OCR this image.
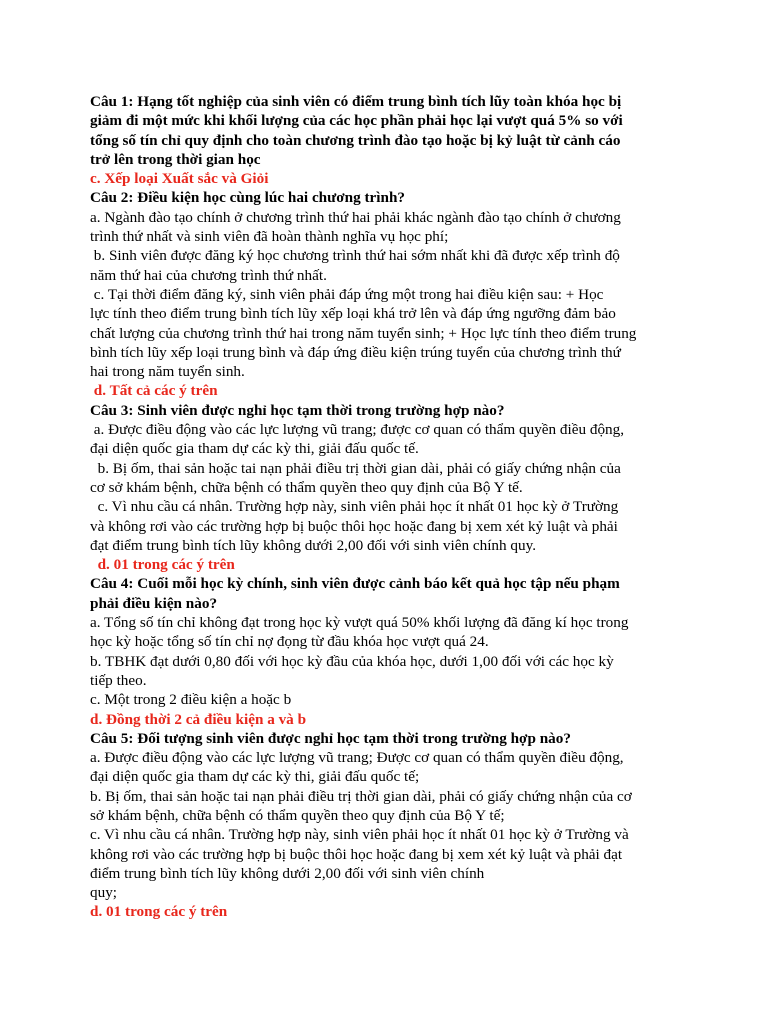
Câu 1: Hạng tốt nghiệp của sinh viên có điểm trung bình tích lũy toàn khóa học bị
giảm đi một mức khi khối lượng của các học phần phải học lại vượt quá 5% so với
tổng số tín chỉ quy định cho toàn chương trình đào tạo hoặc bị kỷ luật từ cảnh cáo
trở lên trong thời gian học

c. Xếp loại Xuất sắc và Giỏi

Câu 2: Điều kiện học cùng lúc hai chương trình?

a. Ngành đào tạo chính ở chương trình thứ hai phải khác ngành đào tạo chính ở chương
trình thứ nhất và sinh viên đã hoàn thành nghĩa vụ học phí;

b. Sinh viên được đăng ký học chương trình thứ hai sớm nhất khi đã được xếp trình độ
năm thứ hai của chương trình thứ nhất.

c. Tại thời điểm đăng ký, sinh viên phải đáp ứng một trong hai điều kiện sau: + Học
lực tính theo điểm trung bình tích lũy xếp loại khá trở lên và đáp ứng ngưỡng đảm bảo
chất lượng của chương trình thứ hai trong năm tuyển sinh; + Học lực tính theo điểm trung
bình tích lũy xếp loại trung bình và đáp ứng điều kiện trúng tuyển của chương trình thứ
hai trong năm tuyển sinh.

d. Tất cả các ý trên

Câu 3: Sinh viên được nghỉ học tạm thời trong trường hợp nào?

a. Được điều động vào các lực lượng vũ trang; được cơ quan có thẩm quyền điều động,
đại diện quốc gia tham dự các kỳ thi, giải đấu quốc tế.

b. Bị ốm, thai sản hoặc tai nạn phải điều trị thời gian dài, phải có giấy chứng nhận của
cơ sở khám bệnh, chữa bệnh có thẩm quyền theo quy định của Bộ Y tế.

c. Vì nhu cầu cá nhân. Trường hợp này, sinh viên phải học ít nhất 01 học kỳ ở Trường
và không rơi vào các trường hợp bị buộc thôi học hoặc đang bị xem xét kỷ luật và phải
đạt điểm trung bình tích lũy không dưới 2,00 đối với sinh viên chính quy.

d. 01 trong các ý trên

Câu 4: Cuối mỗi học kỳ chính, sinh viên được cảnh báo kết quả học tập nếu phạm
phải điều kiện nào?

a. Tổng số tín chỉ không đạt trong học kỳ vượt quá 50% khối lượng đã đăng kí học trong
học kỳ hoặc tổng số tín chỉ nợ đọng từ đầu khóa học vượt quá 24.

b. TBHK đạt dưới 0,80 đối với học kỳ đầu của khóa học, dưới 1,00 đối với các học kỳ
tiếp theo.

c. Một trong 2 điều kiện a hoặc b

d. Đồng thời 2 cả điều kiện a và b

Câu 5: Đối tượng sinh viên được nghỉ học tạm thời trong trường hợp nào?

a. Được điều động vào các lực lượng vũ trang; Được cơ quan có thẩm quyền điều động,
đại diện quốc gia tham dự các kỳ thi, giải đấu quốc tế;

b. Bị ốm, thai sản hoặc tai nạn phải điều trị thời gian dài, phải có giấy chứng nhận của cơ
sở khám bệnh, chữa bệnh có thẩm quyền theo quy định của Bộ Y tế;

c. Vì nhu cầu cá nhân. Trường hợp này, sinh viên phải học ít nhất 01 học kỳ ở Trường và
không rơi vào các trường hợp bị buộc thôi học hoặc đang bị xem xét kỷ luật và phải đạt
điểm trung bình tích lũy không dưới 2,00 đối với sinh viên chính
quy;

d. 01 trong các ý trên
